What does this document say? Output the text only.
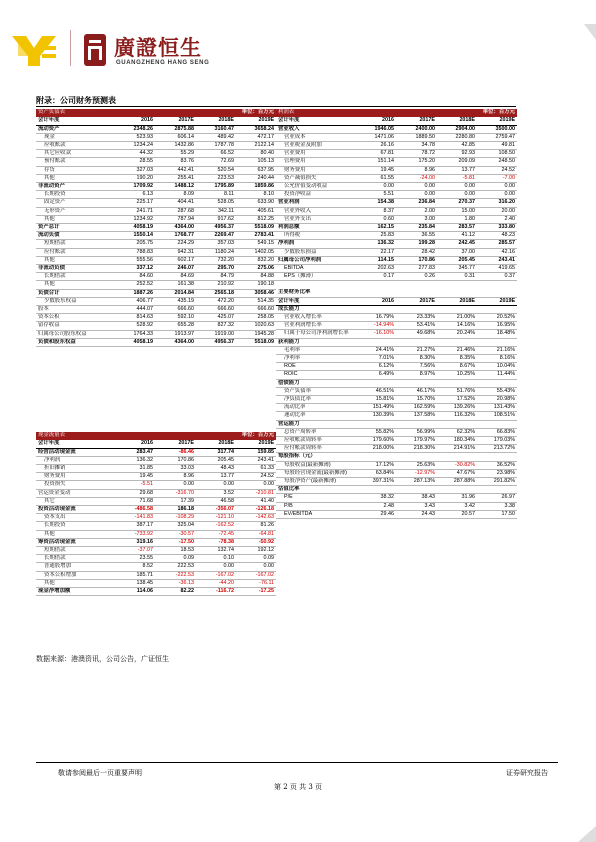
廣證恒生
GUANGZHENG HANG SENG
附录：公司财务预测表
资产负债表			单位：百万元	
会计年度	2016	2017E	2018E	2019E
流动资产	2348.26	2875.88	3160.47	3658.24
现金	523.93	606.14	489.42	472.17
应收账款	1234.24	1432.86	1787.78	2122.14
其它应收款	44.32	55.29	66.52	80.40
预付账款	28.55	83.76	72.69	105.13
存货	327.03	442.41	520.54	637.95
其他	190.20	255.41	223.53	240.44
非流动资产	1709.92	1488.12	1795.89	1859.86
长期投资	6.13	8.09	8.11	8.10
固定资产	225.17	404.41	528.05	633.90
无形资产	241.71	287.68	342.11	405.61
其他	1234.92	787.94	917.62	812.25
资产总计	4058.19	4364.00	4956.37	5518.09
流动负债	1550.14	1768.77	2269.47	2783.41
短期借款	205.75	224.29	357.03	549.15
应付账款	788.83	942.31	1180.24	1402.05
其他	555.56	602.17	732.20	832.20
非流动负债	337.12	246.07	295.70	275.06
长期借款	84.60	84.69	84.79	84.88
其他	252.52	161.38	210.92	190.18
负债合计	1887.26	2014.84	2565.18	3058.46
少数股东权益	406.77	435.19	472.20	514.35
股本	444.07	666.60	666.60	666.60
资本公积	814.63	592.10	425.07	258.05
留存收益	528.92	655.28	827.32	1020.63
归属母公司股东权益	1764.33	1913.97	1919.00	1945.28
负债和股东权益	4058.19	4364.00	4956.37	5518.09
现金流量表			单位：百万元	
会计年度	2016	2017E	2018E	2019E
经营活动现金流	283.47	-86.46	317.74	159.85
净利润	136.32	170.86	205.45	243.41
折旧摊销	31.85	33.03	48.43	61.33
财务费用	19.45	8.96	13.77	24.52
投资损失	-5.51	0.00	0.00	0.00
营运资金变动	29.68	-316.70	3.52	-210.81
其它	71.68	17.39	46.58	41.40
投资活动现金流	-486.58	186.18	-356.07	-126.18
资本支出	-141.83	-108.29	-121.10	-142.63
长期投资	387.17	325.04	-162.52	81.26
其他	-733.92	-30.57	-72.45	-64.81
筹资活动现金流	319.16	-17.50	-78.38	-50.92
短期借款	-37.07	18.53	132.74	192.12
长期借款	23.55	0.09	0.10	0.09
普通股增加	8.52	222.53	0.00	0.00
资本公积增加	185.71	-222.53	-167.02	-167.02
其他	138.45	-36.13	-44.20	-76.11
现金净增加额	114.06	82.22	-116.72	-17.25
利润表			单位：百万元	
会计年度	2016	2017E	2018E	2019E
营业收入	1946.05	2400.00	2904.00	3500.00
营业成本	1471.06	1889.50	2280.80	2759.47
营业税金及附加	26.16	34.78	42.85	49.81
营业费用	67.81	78.72	92.93	108.50
管理费用	151.14	175.20	209.09	248.50
财务费用	19.45	8.96	13.77	24.52
资产减值损失	61.55	-24.00	-5.81	-7.00
公允价值变动收益	0.00	0.00	0.00	0.00
投资净收益	5.51	0.00	0.00	0.00
营业利润	154.38	236.84	270.37	316.20
营业外收入	8.37	2.00	15.00	20.00
营业外支出	0.60	3.00	1.80	2.40
利润总额	162.15	235.84	283.57	333.80
所得税	25.83	36.55	41.12	48.23
净利润	136.32	199.28	242.45	285.57
少数股东损益	22.17	28.42	37.00	42.16
归属母公司净利润	114.15	170.86	205.45	243.41
EBITDA	202.63	277.83	345.77	419.65
EPS（摊薄）	0.17	0.26	0.31	0.37

主要财务比率				
会计年度	2016	2017E	2018E	2019E
成长能力				
营业收入增长率	16.79%	23.33%	21.00%	20.52%
营业利润增长率	-14.94%	53.41%	14.16%	16.95%
归属于母公司净利润增长率	-16.10%	49.68%	20.24%	18.48%
获利能力				
毛利率	24.41%	21.27%	21.46%	21.16%
净利率	7.01%	8.30%	8.35%	8.16%
ROE	6.12%	7.56%	8.67%	10.04%
ROIC	6.49%	8.97%	10.25%	11.44%
偿债能力				
资产负债率	46.51%	46.17%	51.76%	55.43%
净负债比率	15.81%	15.70%	17.52%	20.98%
流动比率	151.49%	162.59%	139.26%	131.43%
速动比率	130.39%	137.58%	116.32%	108.51%
营运能力				
总资产周转率	55.82%	56.99%	62.32%	66.83%
应收帐款周转率	179.60%	179.97%	180.34%	179.03%
应付帐款周转率	218.00%	218.30%	214.91%	213.72%
每股指标（元）				
每股收益(最新摊薄)	17.12%	25.63%	-30.82%	36.52%
每股经营现金流(最新摊薄)	63.84%	-12.97%	47.67%	23.98%
每股净资产(最新摊薄)	397.31%	287.13%	287.88%	291.82%
估值比率				
P/E	38.32	38.43	31.96	26.97
P/B	2.48	3.43	3.42	3.38
EV/EBITDA	29.46	24.43	20.57	17.50
数据来源：港澳资讯，公司公告，广证恒生
敬请参阅最后一页重要声明	证券研究报告
第 2 页 共 3 页
